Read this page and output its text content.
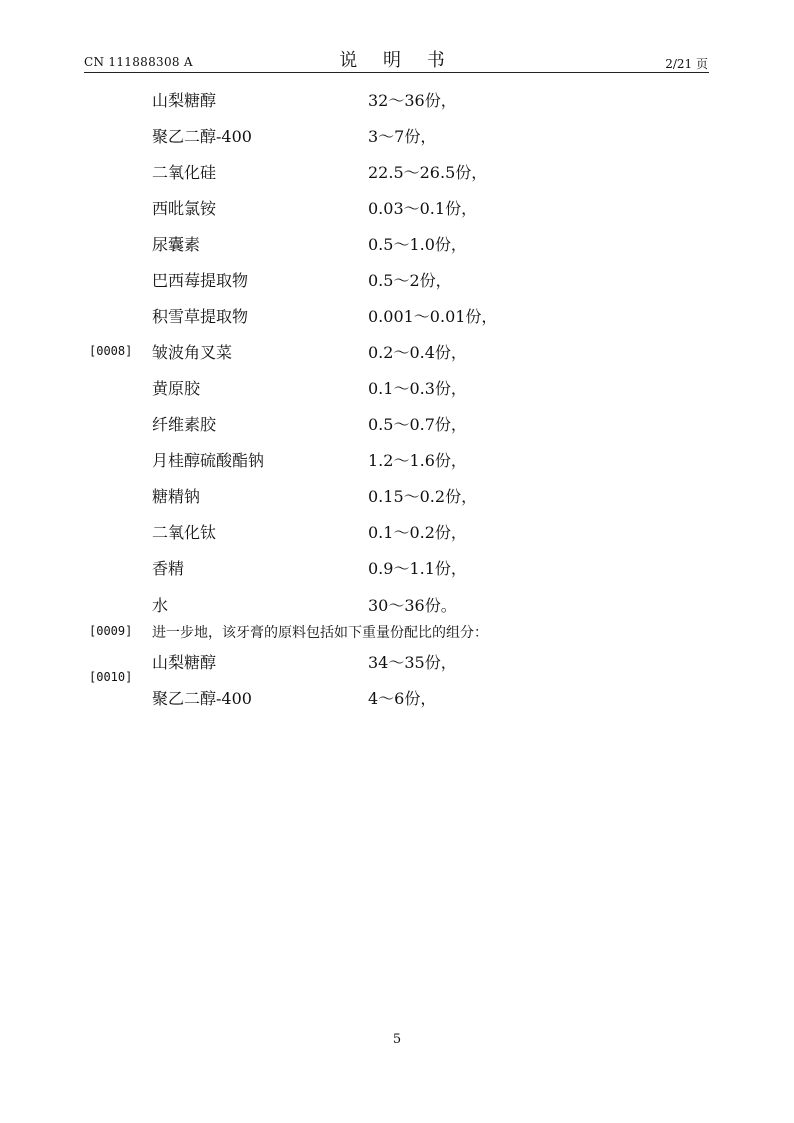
CN 111888308 A	说 明 书	2/21 页
山梨糖醇	32～36份，
聚乙二醇-400	3～7份，
二氧化硅	22.5～26.5份，
西吡氯铵	0.03～0.1份，
尿囊素	0.5～1.0份，
巴西莓提取物	0.5～2份，
积雪草提取物	0.001～0.01份，
[0008] 皱波角叉菜	0.2～0.4份，
黄原胶	0.1～0.3份，
纤维素胶	0.5～0.7份，
月桂醇硫酸酯钠	1.2～1.6份，
糖精钠	0.15～0.2份，
二氧化钛	0.1～0.2份，
香精	0.9～1.1份，
水	30～36份。
[0009] 进一步地，该牙膏的原料包括如下重量份配比的组分：
山梨糖醇	34～35份，
[0010]
聚乙二醇-400	4～6份，
5
